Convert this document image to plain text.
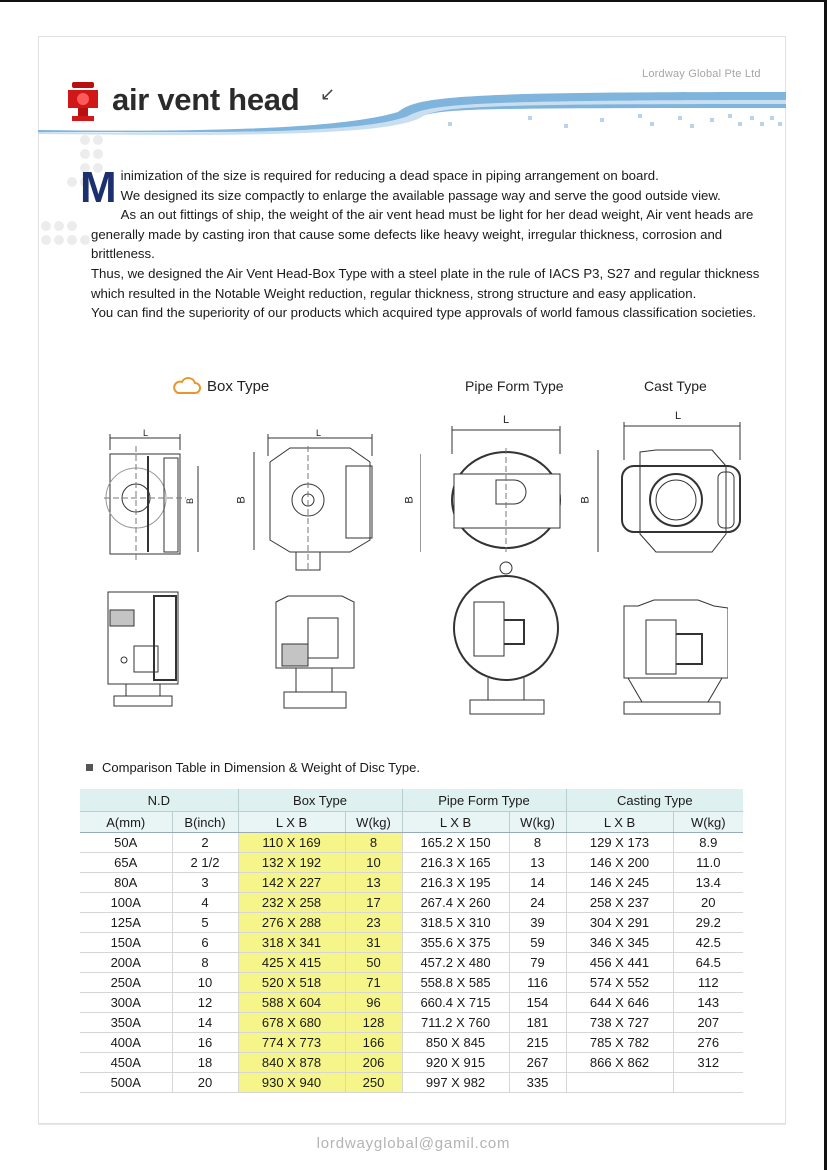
Lordway Global Pte Ltd
air vent head ↙

Minimization of the size is required for reducing a dead space in piping arrangement on board.
We designed its size compactly to enlarge the available passage way and serve the good outside view.

As an out fittings of ship, the weight of the air vent head must be light for her dead weight, Air vent heads are generally made by casting iron that cause some defects like heavy weight, irregular thickness, corrosion and brittleness.

Thus, we designed the Air Vent Head-Box Type with a steel plate in the rule of IACS P3, S27 and regular thickness which resulted in the Notable Weight reduction, regular thickness, strong structure and easy application.

You can find the superiority of our products which acquired type approvals of world famous classification societies.

Box Type	Pipe Form Type	Cast Type
L
B
L
B
L
B
L
B
Comparison Table in Dimension & Weight of Disc Type.
N.D		Box Type		Pipe Form Type		Casting Type	
A(mm)	B(inch)	L X B	W(kg)	L X B	W(kg)	L X B	W(kg)
50A	2	110 X 169	8	165.2 X 150	8	129 X 173	8.9
65A	2 1/2	132 X 192	10	216.3 X 165	13	146 X 200	11.0
80A	3	142 X 227	13	216.3 X 195	14	146 X 245	13.4
100A	4	232 X 258	17	267.4 X 260	24	258 X 237	20
125A	5	276 X 288	23	318.5 X 310	39	304 X 291	29.2
150A	6	318 X 341	31	355.6 X 375	59	346 X 345	42.5
200A	8	425 X 415	50	457.2 X 480	79	456 X 441	64.5
250A	10	520 X 518	71	558.8 X 585	116	574 X 552	112
300A	12	588 X 604	96	660.4 X 715	154	644 X 646	143
350A	14	678 X 680	128	711.2 X 760	181	738 X 727	207
400A	16	774 X 773	166	850 X 845	215	785 X 782	276
450A	18	840 X 878	206	920 X 915	267	866 X 862	312
500A	20	930 X 940	250	997 X 982	335		
lordwayglobal@gamil.com
